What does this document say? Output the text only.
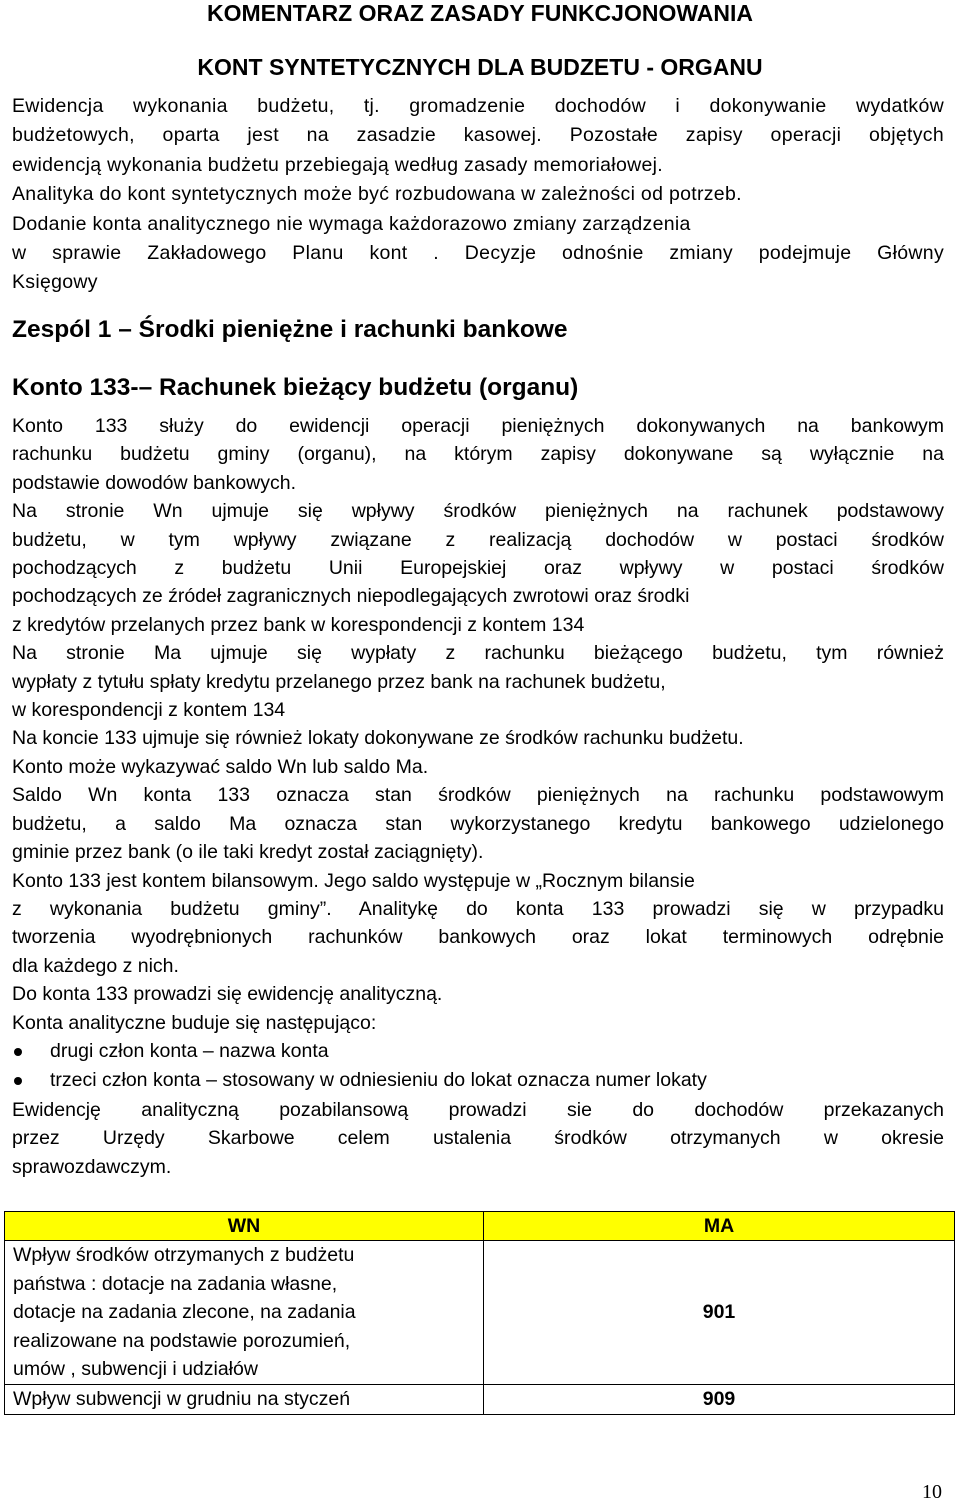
KOMENTARZ ORAZ ZASADY FUNKCJONOWANIA
KONT SYNTETYCZNYCH DLA BUDZETU - ORGANU

Ewidencja wykonania budżetu, tj. gromadzenie dochodów i dokonywanie wydatków

budżetowych, oparta jest na zasadzie kasowej. Pozostałe zapisy operacji objętych

ewidencją wykonania budżetu przebiegają według zasady memoriałowej.

Analityka do kont syntetycznych może być rozbudowana w zależności od potrzeb.

Dodanie konta analitycznego nie wymaga każdorazowo zmiany zarządzenia

w sprawie Zakładowego Planu kont . Decyzje odnośnie zmiany podejmuje Główny

Księgowy

Zespól 1 – Środki pieniężne i rachunki bankowe
Konto 133-– Rachunek bieżący budżetu (organu)

Konto 133 służy do ewidencji operacji pieniężnych dokonywanych na bankowym

rachunku budżetu gminy (organu), na którym zapisy dokonywane są wyłącznie na

podstawie dowodów bankowych.

Na stronie Wn ujmuje się wpływy środków pieniężnych na rachunek podstawowy

budżetu, w tym wpływy związane z realizacją dochodów w postaci środków

pochodzących z budżetu Unii Europejskiej oraz wpływy w postaci środków

pochodzących ze źródeł zagranicznych niepodlegających zwrotowi oraz środki

z kredytów przelanych przez bank w korespondencji z kontem 134

Na stronie Ma ujmuje się wypłaty z rachunku bieżącego budżetu, tym również

wypłaty z tytułu spłaty kredytu przelanego przez bank na rachunek budżetu,

w korespondencji z kontem 134

Na koncie 133 ujmuje się również lokaty dokonywane ze środków rachunku budżetu.

Konto może wykazywać saldo Wn lub saldo Ma.

Saldo Wn konta 133 oznacza stan środków pieniężnych na rachunku podstawowym

budżetu, a saldo Ma oznacza stan wykorzystanego kredytu bankowego udzielonego

gminie przez bank (o ile taki kredyt został zaciągnięty).

Konto 133 jest kontem bilansowym. Jego saldo występuje w „Rocznym bilansie

z wykonania budżetu gminy”. Analitykę do konta 133 prowadzi się w przypadku

tworzenia wyodrębnionych rachunków bankowych oraz lokat terminowych odrębnie

dla każdego z nich.

Do konta 133 prowadzi się ewidencję analityczną.

Konta analityczne buduje się następująco:

drugi człon konta – nazwa konta
trzeci człon konta – stosowany w odniesieniu do lokat oznacza numer lokaty

Ewidencję analityczną pozabilansową prowadzi sie do dochodów przekazanych

przez Urzędy Skarbowe celem ustalenia środków otrzymanych w okresie

sprawozdawczym.

WN	MA

Wpływ środków otrzymanych z budżetu
państwa : dotacje na zadania własne,
dotacje na zadania zlecone, na zadania
realizowane na podstawie porozumień,
umów , subwencji i udziałów	901

Wpływ subwencji w grudniu na styczeń	909
10
